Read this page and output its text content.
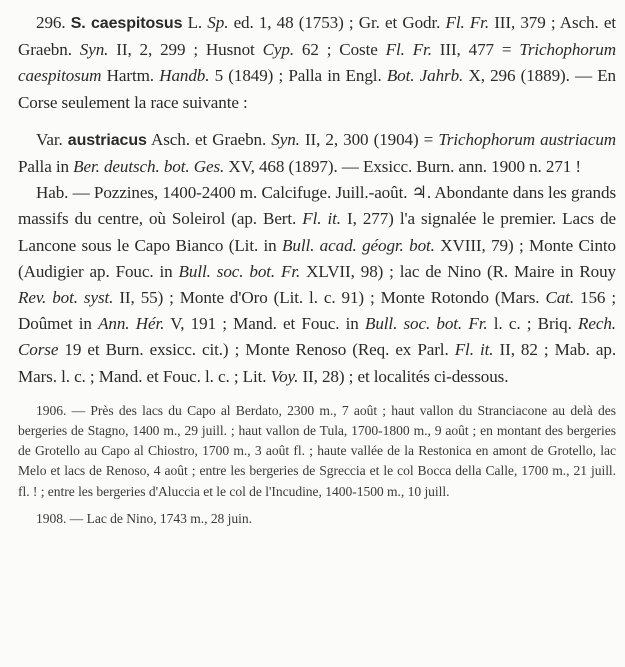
296. S. caespitosus L. Sp. ed. 1, 48 (1753) ; Gr. et Godr. Fl. Fr. III, 379 ; Asch. et Graebn. Syn. II, 2, 299 ; Husnot Cyp. 62 ; Coste Fl. Fr. III, 477 = Trichophorum caespitosum Hartm. Handb. 5 (1849) ; Palla in Engl. Bot. Jahrb. X, 296 (1889). — En Corse seulement la race suivante :

Var. austriacus Asch. et Graebn. Syn. II, 2, 300 (1904) = Trichophorum austriacum Palla in Ber. deutsch. bot. Ges. XV, 468 (1897). — Exsicc. Burn. ann. 1900 n. 271 !

Hab. — Pozzines, 1400-2400 m. Calcifuge. Juill.-août. ♃. Abondante dans les grands massifs du centre, où Soleirol (ap. Bert. Fl. it. I, 277) l'a signalée le premier. Lacs de Lancone sous le Capo Bianco (Lit. in Bull. acad. géogr. bot. XVIII, 79) ; Monte Cinto (Audigier ap. Fouc. in Bull. soc. bot. Fr. XLVII, 98) ; lac de Nino (R. Maire in Rouy Rev. bot. syst. II, 55) ; Monte d'Oro (Lit. l. c. 91) ; Monte Rotondo (Mars. Cat. 156 ; Doûmet in Ann. Hér. V, 191 ; Mand. et Fouc. in Bull. soc. bot. Fr. l. c. ; Briq. Rech. Corse 19 et Burn. exsicc. cit.) ; Monte Renoso (Req. ex Parl. Fl. it. II, 82 ; Mab. ap. Mars. l. c. ; Mand. et Fouc. l. c. ; Lit. Voy. II, 28) ; et localités ci-dessous.

1906. — Près des lacs du Capo al Berdato, 2300 m., 7 août ; haut vallon du Stranciacone au delà des bergeries de Stagno, 1400 m., 29 juill. ; haut vallon de Tula, 1700-1800 m., 9 août ; en montant des bergeries de Grotello au Capo al Chiostro, 1700 m., 3 août fl. ; haute vallée de la Restonica en amont de Grotello, lac Melo et lacs de Renoso, 4 août ; entre les bergeries de Sgreccia et le col Bocca della Calle, 1700 m., 21 juill. fl. ! ; entre les bergeries d'Aluccia et le col de l'Incudine, 1400-1500 m., 10 juill.

1908. — Lac de Nino, 1743 m., 28 juin.
